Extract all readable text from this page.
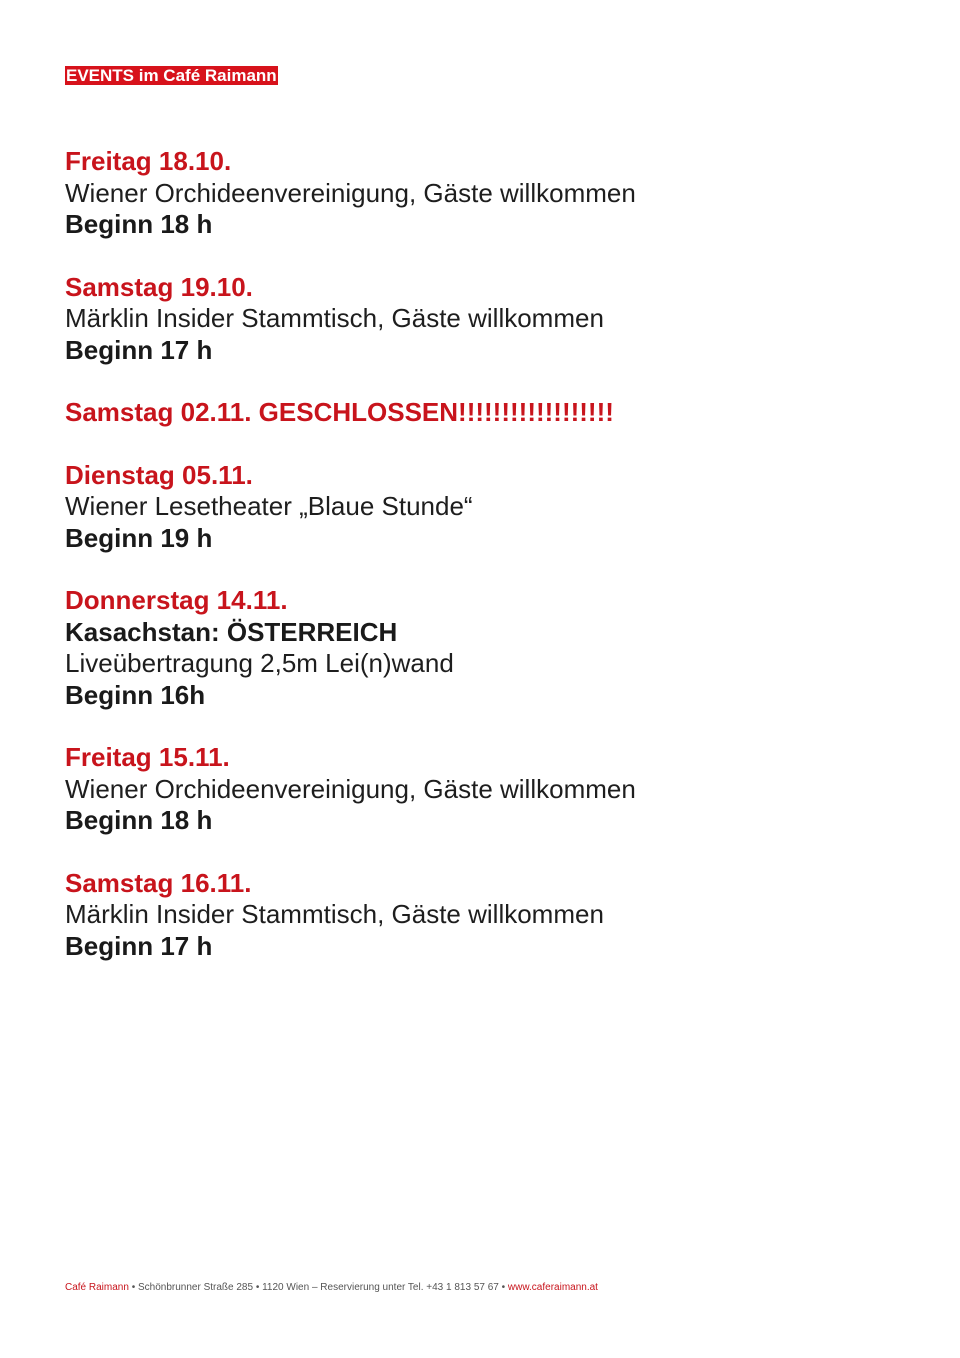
EVENTS im Café Raimann
Freitag 18.10.
Wiener Orchideenvereinigung, Gäste willkommen
Beginn 18 h
Samstag 19.10.
Märklin Insider Stammtisch, Gäste willkommen
Beginn 17 h
Samstag 02.11. GESCHLOSSEN!!!!!!!!!!!!!!!!!!
Dienstag 05.11.
Wiener Lesetheater „Blaue Stunde“
Beginn 19 h
Donnerstag 14.11.
Kasachstan: ÖSTERREICH
Liveübertragung 2,5m Lei(n)wand
Beginn 16h
Freitag 15.11.
Wiener Orchideenvereinigung, Gäste willkommen
Beginn 18 h
Samstag 16.11.
Märklin Insider Stammtisch, Gäste willkommen
Beginn 17 h
Café Raimann • Schönbrunner Straße 285 • 1120 Wien – Reservierung unter Tel. +43 1 813 57 67 • www.caferaimann.at
